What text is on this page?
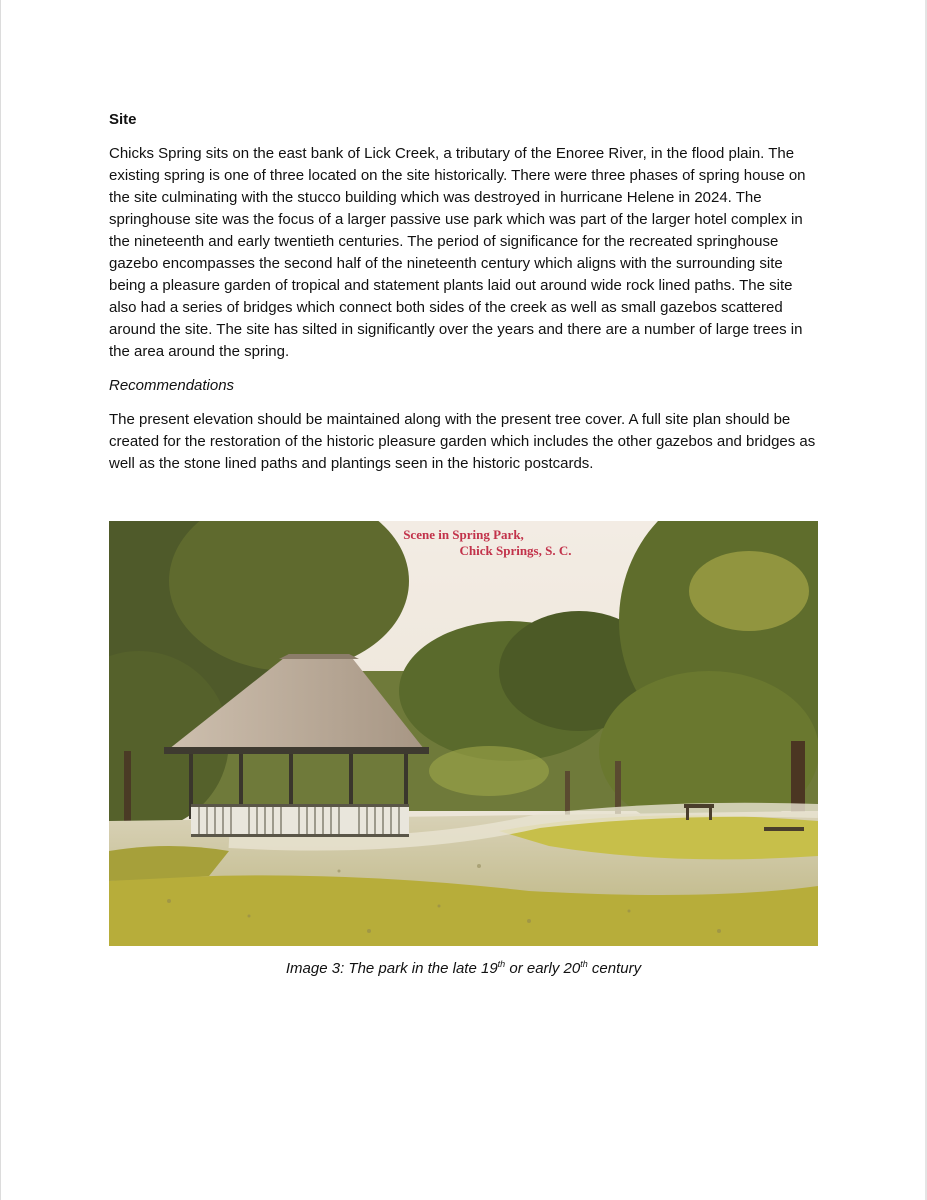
Site

Chicks Spring sits on the east bank of Lick Creek, a tributary of the Enoree River, in the flood plain. The existing spring is one of three located on the site historically. There were three phases of spring house on the site culminating with the stucco building which was destroyed in hurricane Helene in 2024. The springhouse site was the focus of a larger passive use park which was part of the larger hotel complex in the nineteenth and early twentieth centuries. The period of significance for the recreated springhouse gazebo encompasses the second half of the nineteenth century which aligns with the surrounding site being a pleasure garden of tropical and statement plants laid out around wide rock lined paths. The site also had a series of bridges which connect both sides of the creek as well as small gazebos scattered around the site. The site has silted in significantly over the years and there are a number of large trees in the area around the spring.

Recommendations

The present elevation should be maintained along with the present tree cover. A full site plan should be created for the restoration of the historic pleasure garden which includes the other gazebos and bridges as well as the stone lined paths and plantings seen in the historic postcards.

Scene in Spring Park,
Chick Springs, S. C.
Image 3: The park in the late 19th or early 20th century
